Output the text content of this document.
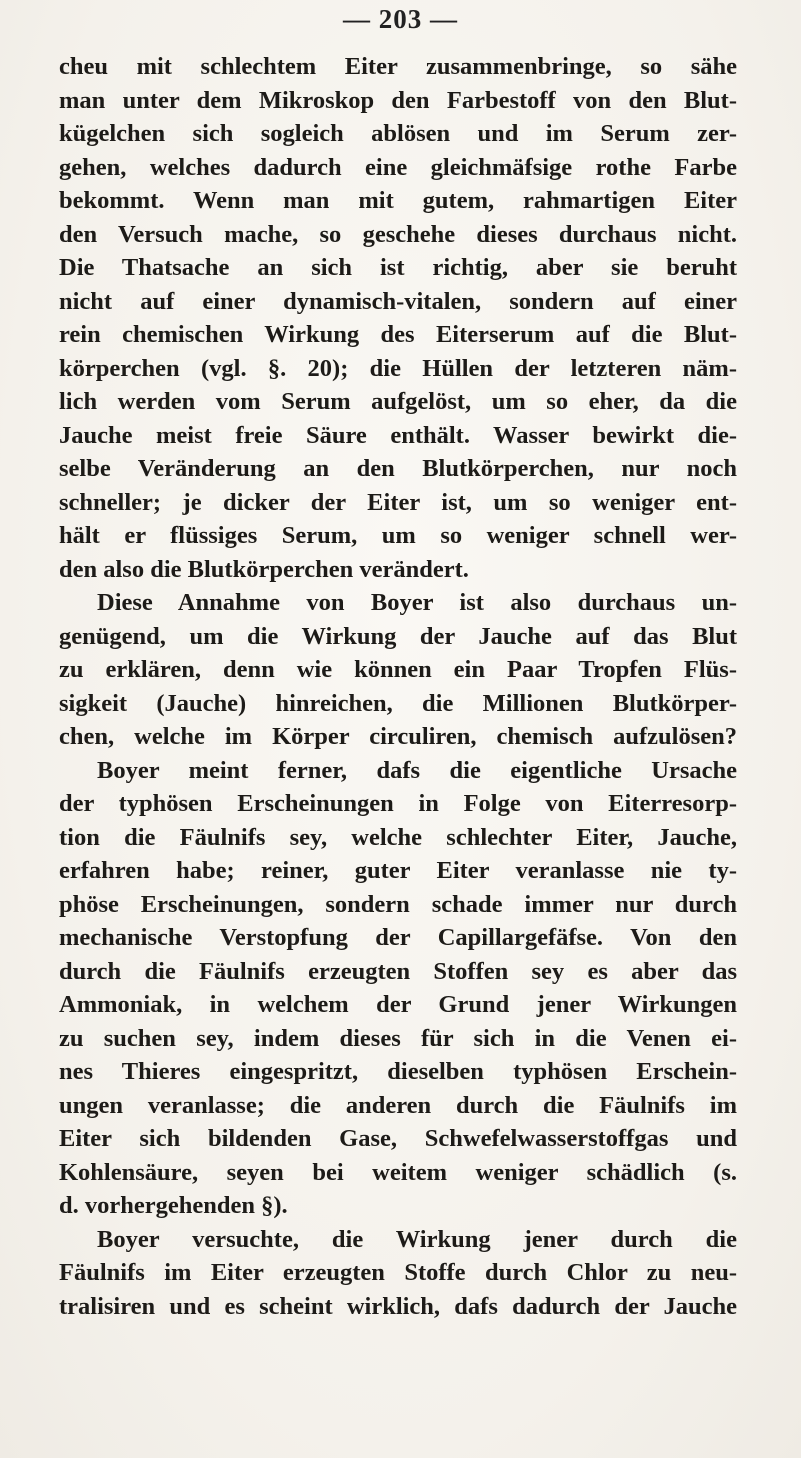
— 203 —
cheu mit schlechtem Eiter zusammenbringe, so sähe
man unter dem Mikroskop den Farbestoff von den Blut-
kügelchen sich sogleich ablösen und im Serum zer-
gehen, welches dadurch eine gleichmäfsige rothe Farbe
bekommt. Wenn man mit gutem, rahmartigen Eiter
den Versuch mache, so geschehe dieses durchaus nicht.
Die Thatsache an sich ist richtig, aber sie beruht
nicht auf einer dynamisch-vitalen, sondern auf einer
rein chemischen Wirkung des Eiterserum auf die Blut-
körperchen (vgl. §. 20); die Hüllen der letzteren näm-
lich werden vom Serum aufgelöst, um so eher, da die
Jauche meist freie Säure enthält. Wasser bewirkt die-
selbe Veränderung an den Blutkörperchen, nur noch
schneller; je dicker der Eiter ist, um so weniger ent-
hält er flüssiges Serum, um so weniger schnell wer-
den also die Blutkörperchen verändert.
Diese Annahme von Boyer ist also durchaus un-
genügend, um die Wirkung der Jauche auf das Blut
zu erklären, denn wie können ein Paar Tropfen Flüs-
sigkeit (Jauche) hinreichen, die Millionen Blutkörper-
chen, welche im Körper circuliren, chemisch aufzulösen?
Boyer meint ferner, dafs die eigentliche Ursache
der typhösen Erscheinungen in Folge von Eiterresorp-
tion die Fäulnifs sey, welche schlechter Eiter, Jauche,
erfahren habe; reiner, guter Eiter veranlasse nie ty-
phöse Erscheinungen, sondern schade immer nur durch
mechanische Verstopfung der Capillargefäfse. Von den
durch die Fäulnifs erzeugten Stoffen sey es aber das
Ammoniak, in welchem der Grund jener Wirkungen
zu suchen sey, indem dieses für sich in die Venen ei-
nes Thieres eingespritzt, dieselben typhösen Erschein-
ungen veranlasse; die anderen durch die Fäulnifs im
Eiter sich bildenden Gase, Schwefelwasserstoffgas und
Kohlensäure, seyen bei weitem weniger schädlich (s.
d. vorhergehenden §).
Boyer versuchte, die Wirkung jener durch die
Fäulnifs im Eiter erzeugten Stoffe durch Chlor zu neu-
tralisiren und es scheint wirklich, dafs dadurch der Jauche
